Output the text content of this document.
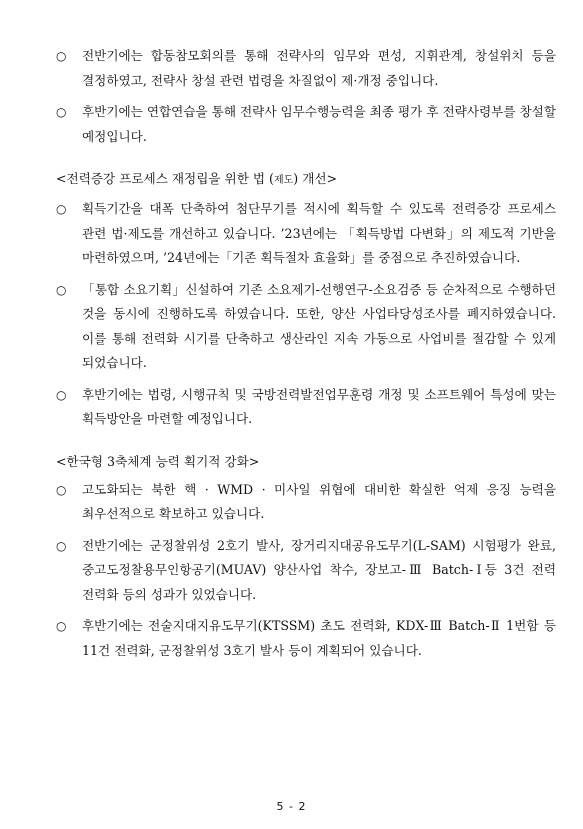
○	전반기에는 합동참모회의를 통해 전략사의 임무와 편성, 지휘관계, 창설위치 등을 결정하였고, 전략사 창설 관련 법령을 차질없이 제·개정 중입니다.
○	후반기에는 연합연습을 통해 전략사 임무수행능력을 최종 평가 후 전략사령부를 창설할 예정입니다.
<전력증강 프로세스 재정립을 위한 법 (제도) 개선>
○	획득기간을 대폭 단축하여 첨단무기를 적시에 획득할 수 있도록 전력증강 프로세스 관련 법·제도를 개선하고 있습니다. ’23년에는 「획득방법 다변화」의 제도적 기반을 마련하였으며, ’24년에는「기존 획득절차 효율화」를 중점으로 추진하였습니다.
○	「통합 소요기획」신설하여 기존 소요제기-선행연구-소요검증 등 순차적으로 수행하던 것을 동시에 진행하도록 하였습니다. 또한, 양산 사업타당성조사를 폐지하였습니다. 이를 통해 전력화 시기를 단축하고 생산라인 지속 가동으로 사업비를 절감할 수 있게 되었습니다.
○	후반기에는 법령, 시행규칙 및 국방전력발전업무훈령 개정 및 소프트웨어 특성에 맞는 획득방안을 마련할 예정입니다.
<한국형 3축체계 능력 획기적 강화>
○	고도화되는 북한 핵 · WMD · 미사일 위협에 대비한 확실한 억제 응징 능력을 최우선적으로 확보하고 있습니다.
○	전반기에는 군정찰위성 2호기 발사, 장거리지대공유도무기(L-SAM) 시험평가 완료, 중고도정찰용무인항공기(MUAV) 양산사업 착수, 장보고-Ⅲ Batch-Ⅰ등 3건 전력 전력화 등의 성과가 있었습니다.
○	후반기에는 전술지대지유도무기(KTSSM) 초도 전력화, KDX-Ⅲ Batch-Ⅱ 1번함 등 11건 전력화, 군정찰위성 3호기 발사 등이 계획되어 있습니다.
5 - 2
